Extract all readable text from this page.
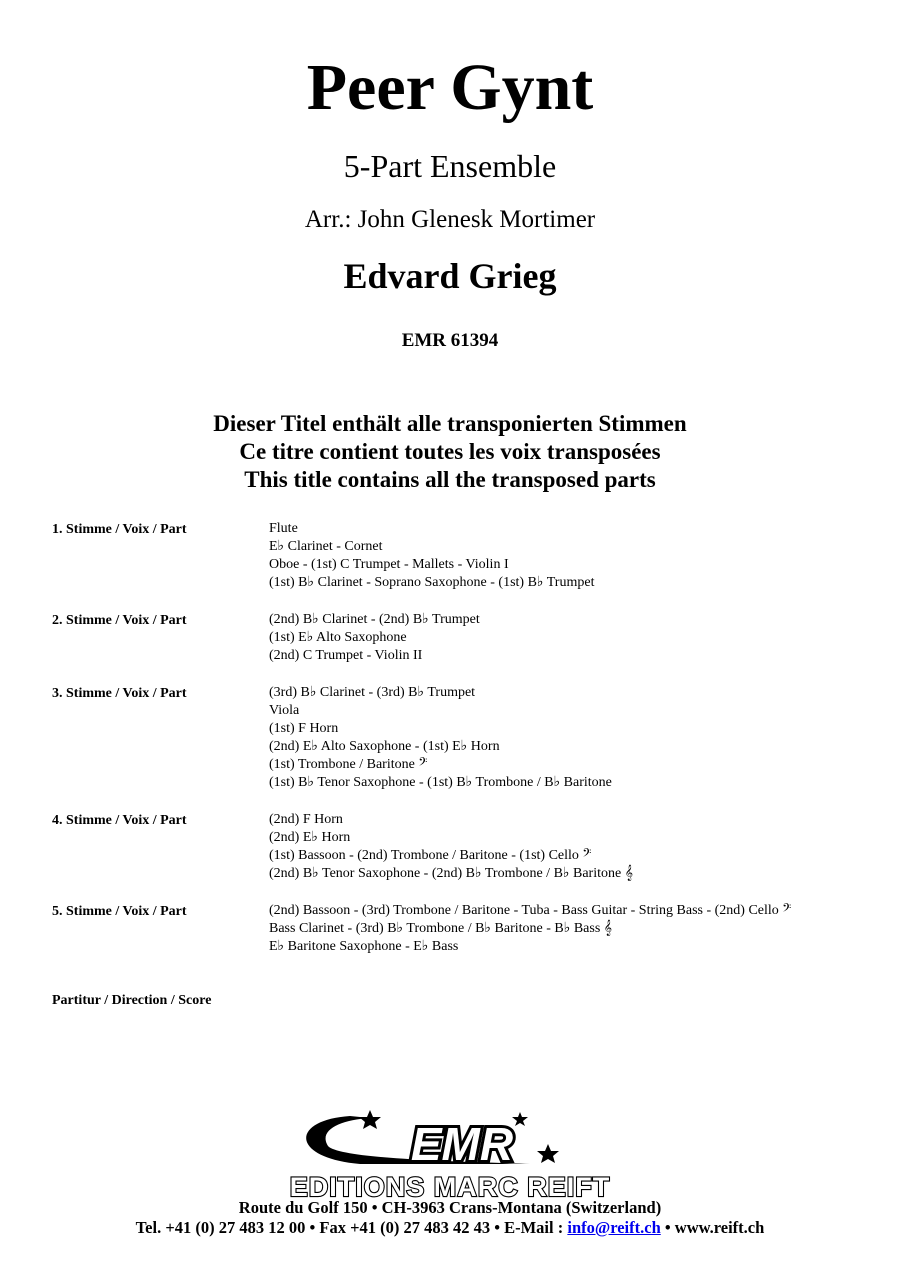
Peer Gynt
5-Part Ensemble
Arr.: John Glenesk Mortimer
Edvard Grieg
EMR 61394
Dieser Titel enthält alle transponierten Stimmen
Ce titre contient toutes les voix transposées
This title contains all the transposed parts
1. Stimme / Voix / Part	Flute
E♭ Clarinet - Cornet
Oboe - (1st) C Trumpet - Mallets - Violin I
(1st) B♭ Clarinet - Soprano Saxophone - (1st) B♭ Trumpet
2. Stimme / Voix / Part	(2nd) B♭ Clarinet - (2nd) B♭ Trumpet
(1st) E♭ Alto Saxophone
(2nd) C Trumpet - Violin II
3. Stimme / Voix / Part	(3rd) B♭ Clarinet - (3rd) B♭ Trumpet
Viola
(1st) F Horn
(2nd) E♭ Alto Saxophone - (1st) E♭ Horn
(1st) Trombone / Baritone 𝄢
(1st) B♭ Tenor Saxophone - (1st) B♭ Trombone / B♭ Baritone
4. Stimme / Voix / Part	(2nd) F Horn
(2nd) E♭ Horn
(1st) Bassoon - (2nd) Trombone / Baritone - (1st) Cello 𝄢
(2nd) B♭ Tenor Saxophone - (2nd) B♭ Trombone / B♭ Baritone 𝄞
5. Stimme / Voix / Part	(2nd) Bassoon - (3rd) Trombone / Baritone - Tuba - Bass Guitar - String Bass - (2nd) Cello 𝄢
Bass Clarinet - (3rd) B♭ Trombone / B♭ Baritone - B♭ Bass 𝄞
E♭ Baritone Saxophone - E♭ Bass
Partitur / Direction / Score
EMR
EDITIONS MARC REIFT
Route du Golf 150 • CH-3963 Crans-Montana (Switzerland)
Tel. +41 (0) 27 483 12 00 • Fax +41 (0) 27 483 42 43 • E-Mail : info@reift.ch • www.reift.ch
